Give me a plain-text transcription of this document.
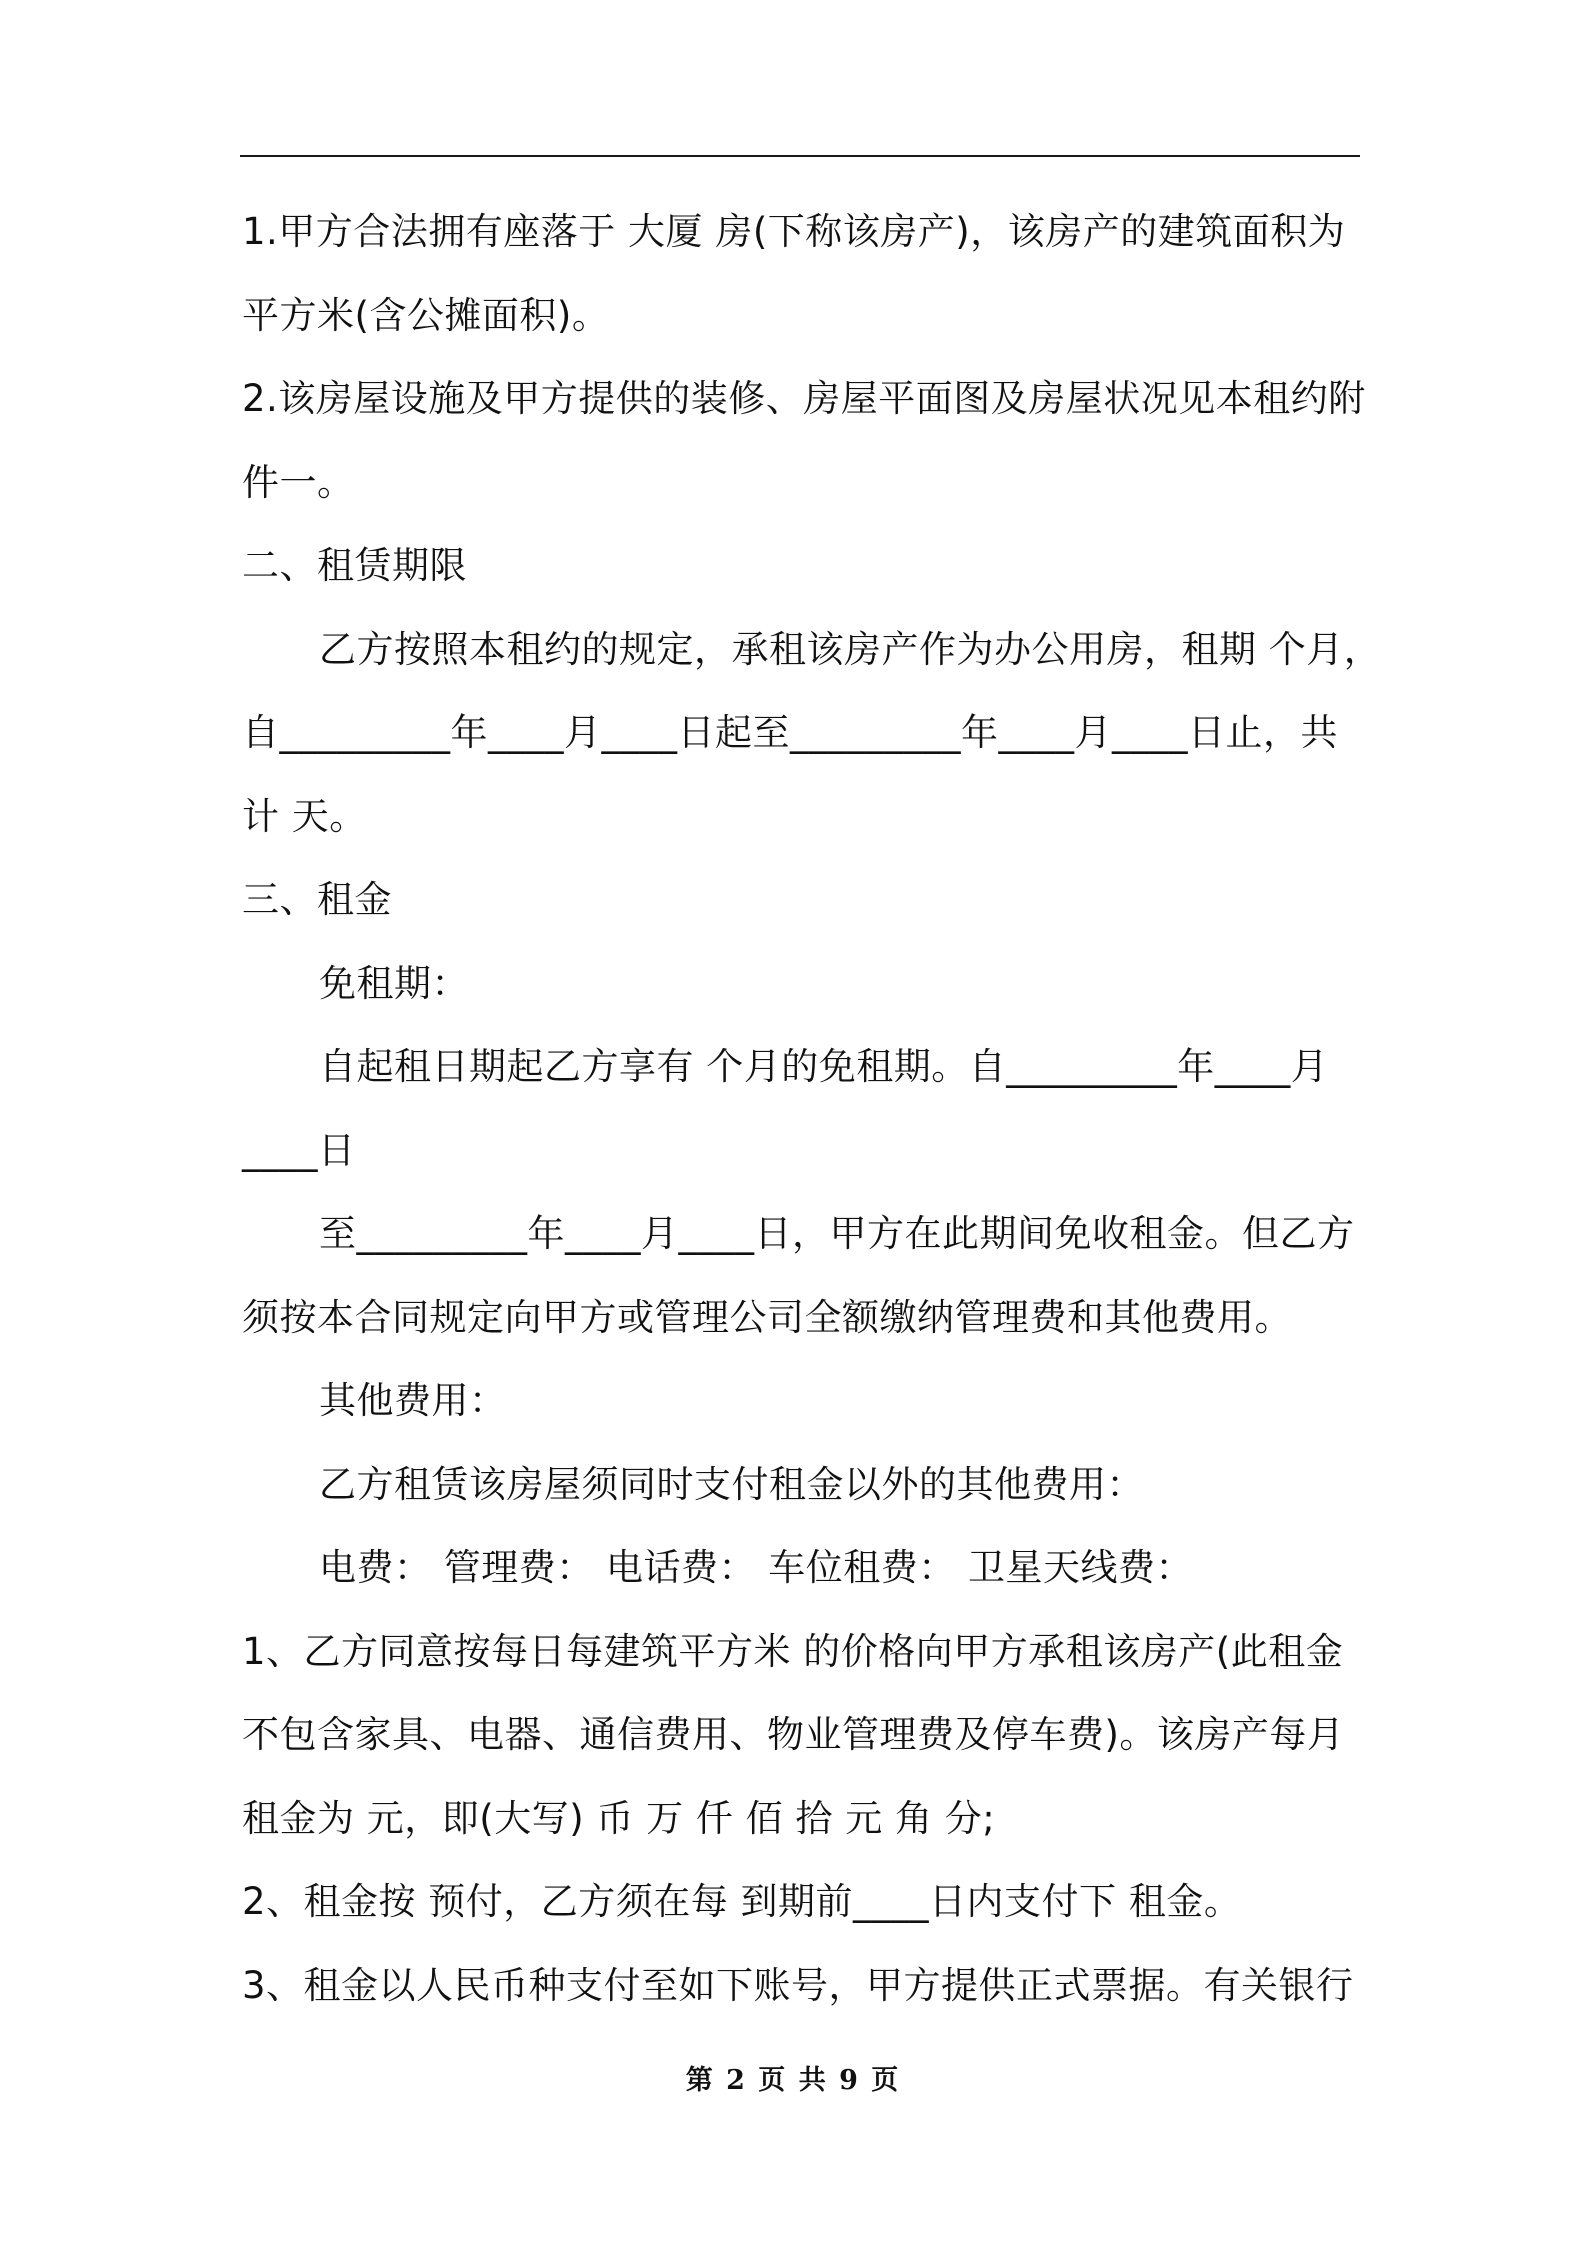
1.甲方合法拥有座落于 大厦 房(下称该房产)，该房产的建筑面积为
平方米(含公摊面积)。
2.该房屋设施及甲方提供的装修、房屋平面图及房屋状况见本租约附
件一。
二、租赁期限
乙方按照本租约的规定，承租该房产作为办公用房，租期 个月，
自_________年____月____日起至_________年____月____日止，共
计 天。
三、租金
免租期：
自起租日期起乙方享有 个月的免租期。自_________年____月
____日
至_________年____月____日，甲方在此期间免收租金。但乙方
须按本合同规定向甲方或管理公司全额缴纳管理费和其他费用。
其他费用：
乙方租赁该房屋须同时支付租金以外的其他费用：
电费： 管理费： 电话费： 车位租费： 卫星天线费：
1、乙方同意按每日每建筑平方米 的价格向甲方承租该房产(此租金
不包含家具、电器、通信费用、物业管理费及停车费)。该房产每月
租金为 元，即(大写) 币 万 仟 佰 拾 元 角 分;
2、租金按 预付，乙方须在每 到期前____日内支付下 租金。
3、租金以人民币种支付至如下账号，甲方提供正式票据。有关银行
第 2 页 共 9 页
